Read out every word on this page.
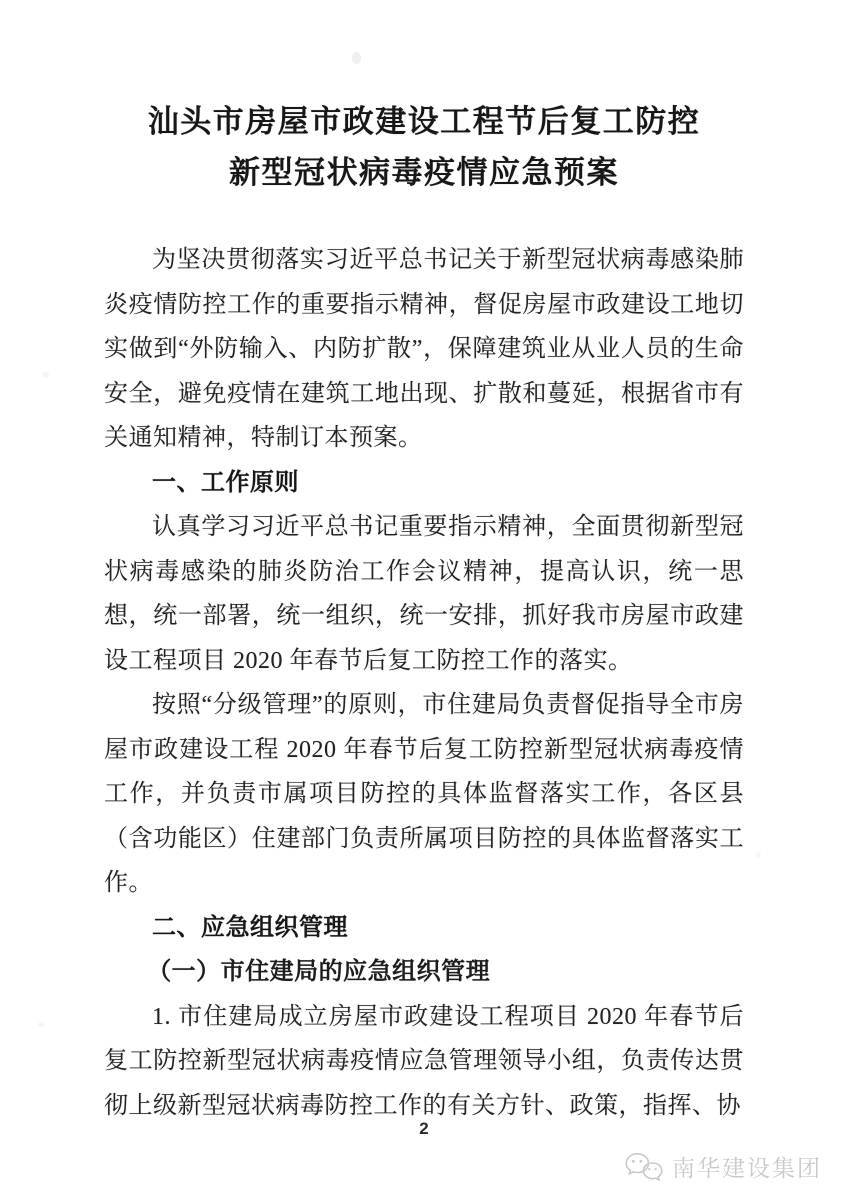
汕头市房屋市政建设工程节后复工防控
新型冠状病毒疫情应急预案

为坚决贯彻落实习近平总书记关于新型冠状病毒感染肺炎疫情防控工作的重要指示精神，督促房屋市政建设工地切实做到“外防输入、内防扩散”，保障建筑业从业人员的生命安全，避免疫情在建筑工地出现、扩散和蔓延，根据省市有关通知精神，特制订本预案。

一、工作原则

认真学习习近平总书记重要指示精神，全面贯彻新型冠状病毒感染的肺炎防治工作会议精神，提高认识，统一思想，统一部署，统一组织，统一安排，抓好我市房屋市政建设工程项目 2020 年春节后复工防控工作的落实。

按照“分级管理”的原则，市住建局负责督促指导全市房屋市政建设工程 2020 年春节后复工防控新型冠状病毒疫情工作，并负责市属项目防控的具体监督落实工作，各区县（含功能区）住建部门负责所属项目防控的具体监督落实工作。

二、应急组织管理
（一）市住建局的应急组织管理

1. 市住建局成立房屋市政建设工程项目 2020 年春节后复工防控新型冠状病毒疫情应急管理领导小组，负责传达贯彻上级新型冠状病毒防控工作的有关方针、政策，指挥、协

2
南华建设集团
